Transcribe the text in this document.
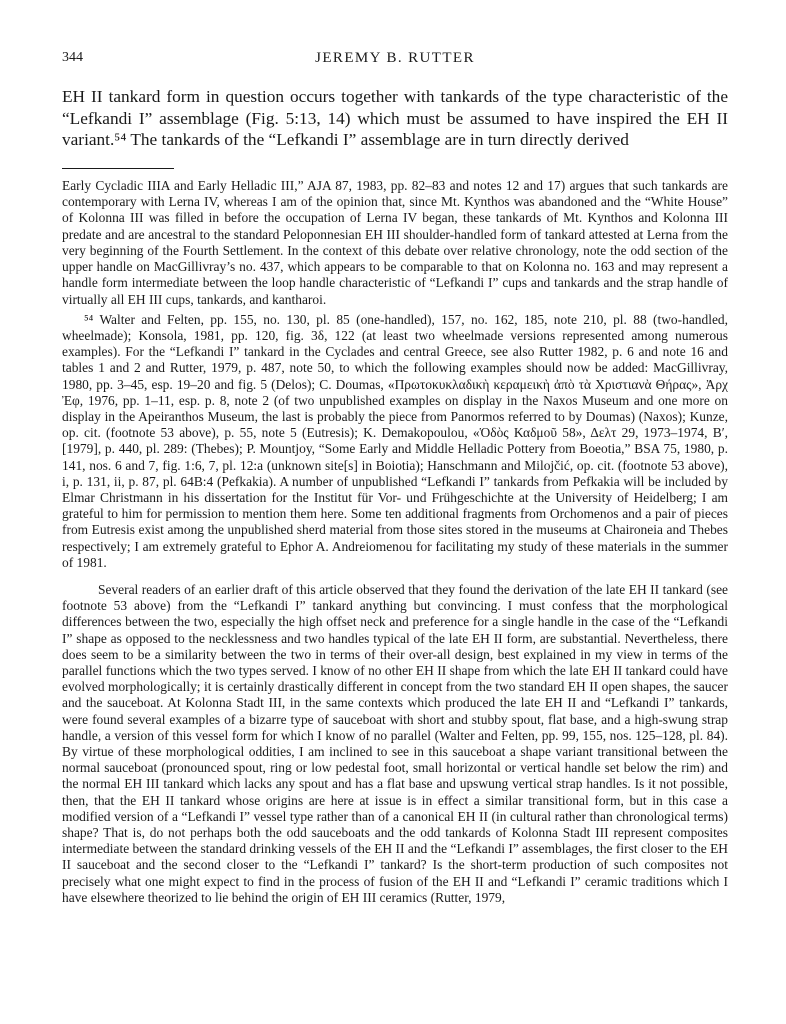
344	JEREMY B. RUTTER

EH II tankard form in question occurs together with tankards of the type characteristic of the “Lefkandi I” assemblage (Fig. 5:13, 14) which must be assumed to have inspired the EH II variant.⁵⁴ The tankards of the “Lefkandi I” assemblage are in turn directly derived

Early Cycladic IIIA and Early Helladic III,” AJA 87, 1983, pp. 82–83 and notes 12 and 17) argues that such tankards are contemporary with Lerna IV, whereas I am of the opinion that, since Mt. Kynthos was abandoned and the “White House” of Kolonna III was filled in before the occupation of Lerna IV began, these tankards of Mt. Kynthos and Kolonna III predate and are ancestral to the standard Peloponnesian EH III shoulder-handled form of tankard attested at Lerna from the very beginning of the Fourth Settlement. In the context of this debate over relative chronology, note the odd section of the upper handle on MacGillivray’s no. 437, which appears to be comparable to that on Kolonna no. 163 and may represent a handle form intermediate between the loop handle characteristic of “Lefkandi I” cups and tankards and the strap handle of virtually all EH III cups, tankards, and kantharoi.

⁵⁴ Walter and Felten, pp. 155, no. 130, pl. 85 (one-handled), 157, no. 162, 185, note 210, pl. 88 (two-handled, wheelmade); Konsola, 1981, pp. 120, fig. 3δ, 122 (at least two wheelmade versions represented among numerous examples). For the “Lefkandi I” tankard in the Cyclades and central Greece, see also Rutter 1982, p. 6 and note 16 and tables 1 and 2 and Rutter, 1979, p. 487, note 50, to which the following examples should now be added: MacGillivray, 1980, pp. 3–45, esp. 19–20 and fig. 5 (Delos); C. Doumas, «Πρωτοκυκλαδικὴ κεραμεικὴ ἀπὸ τὰ Χριστιανὰ Θήρας», Ἀρχ Ἐφ, 1976, pp. 1–11, esp. p. 8, note 2 (of two unpublished examples on display in the Naxos Museum and one more on display in the Apeiranthos Museum, the last is probably the piece from Panormos referred to by Doumas) (Naxos); Kunze, op. cit. (footnote 53 above), p. 55, note 5 (Eutresis); K. Demakopoulou, «Ὁδὸς Καδμοῦ 58», Δελτ 29, 1973–1974, Β′, [1979], p. 440, pl. 289: (Thebes); P. Mountjoy, “Some Early and Middle Helladic Pottery from Boeotia,” BSA 75, 1980, p. 141, nos. 6 and 7, fig. 1:6, 7, pl. 12:a (unknown site[s] in Boiotia); Hanschmann and Milojčić, op. cit. (footnote 53 above), i, p. 131, ii, p. 87, pl. 64B:4 (Pefkakia). A number of unpublished “Lefkandi I” tankards from Pefkakia will be included by Elmar Christmann in his dissertation for the Institut für Vor- und Frühgeschichte at the University of Heidelberg; I am grateful to him for permission to mention them here. Some ten additional fragments from Orchomenos and a pair of pieces from Eutresis exist among the unpublished sherd material from those sites stored in the museums at Chaironeia and Thebes respectively; I am extremely grateful to Ephor A. Andreiomenou for facilitating my study of these materials in the summer of 1981.

Several readers of an earlier draft of this article observed that they found the derivation of the late EH II tankard (see footnote 53 above) from the “Lefkandi I” tankard anything but convincing. I must confess that the morphological differences between the two, especially the high offset neck and preference for a single handle in the case of the “Lefkandi I” shape as opposed to the necklessness and two handles typical of the late EH II form, are substantial. Nevertheless, there does seem to be a similarity between the two in terms of their over-all design, best explained in my view in terms of the parallel functions which the two types served. I know of no other EH II shape from which the late EH II tankard could have evolved morphologically; it is certainly drastically different in concept from the two standard EH II open shapes, the saucer and the sauceboat. At Kolonna Stadt III, in the same contexts which produced the late EH II and “Lefkandi I” tankards, were found several examples of a bizarre type of sauceboat with short and stubby spout, flat base, and a high-swung strap handle, a version of this vessel form for which I know of no parallel (Walter and Felten, pp. 99, 155, nos. 125–128, pl. 84). By virtue of these morphological oddities, I am inclined to see in this sauceboat a shape variant transitional between the normal sauceboat (pronounced spout, ring or low pedestal foot, small horizontal or vertical handle set below the rim) and the normal EH III tankard which lacks any spout and has a flat base and upswung vertical strap handles. Is it not possible, then, that the EH II tankard whose origins are here at issue is in effect a similar transitional form, but in this case a modified version of a “Lefkandi I” vessel type rather than of a canonical EH II (in cultural rather than chronological terms) shape? That is, do not perhaps both the odd sauceboats and the odd tankards of Kolonna Stadt III represent composites intermediate between the standard drinking vessels of the EH II and the “Lefkandi I” assemblages, the first closer to the EH II sauceboat and the second closer to the “Lefkandi I” tankard? Is the short-term production of such composites not precisely what one might expect to find in the process of fusion of the EH II and “Lefkandi I” ceramic traditions which I have elsewhere theorized to lie behind the origin of EH III ceramics (Rutter, 1979,
